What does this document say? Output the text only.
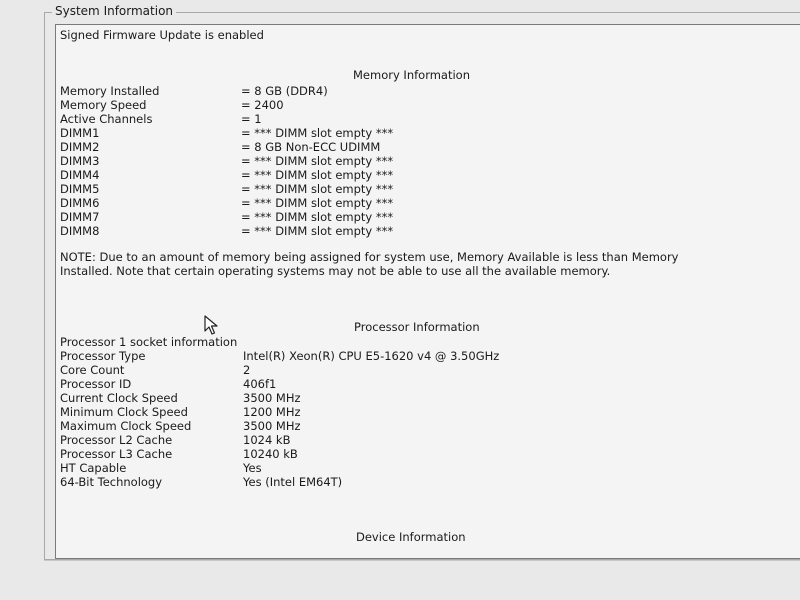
System Information
Signed Firmware Update is enabled
Memory Information
Memory Installed	= 8 GB (DDR4)
Memory Speed	= 2400
Active Channels	= 1
DIMM1	= *** DIMM slot empty ***
DIMM2	= 8 GB Non-ECC UDIMM
DIMM3	= *** DIMM slot empty ***
DIMM4	= *** DIMM slot empty ***
DIMM5	= *** DIMM slot empty ***
DIMM6	= *** DIMM slot empty ***
DIMM7	= *** DIMM slot empty ***
DIMM8	= *** DIMM slot empty ***
NOTE: Due to an amount of memory being assigned for system use, Memory Available is less than Memory Installed. Note that certain operating systems may not be able to use all the available memory.
Processor Information
Processor 1 socket information
Processor Type	Intel(R) Xeon(R) CPU E5-1620 v4 @ 3.50GHz
Core Count	2
Processor ID	406f1
Current Clock Speed	3500 MHz
Minimum Clock Speed	1200 MHz
Maximum Clock Speed	3500 MHz
Processor L2 Cache	1024 kB
Processor L3 Cache	10240 kB
HT Capable	Yes
64-Bit Technology	Yes (Intel EM64T)
Device Information
